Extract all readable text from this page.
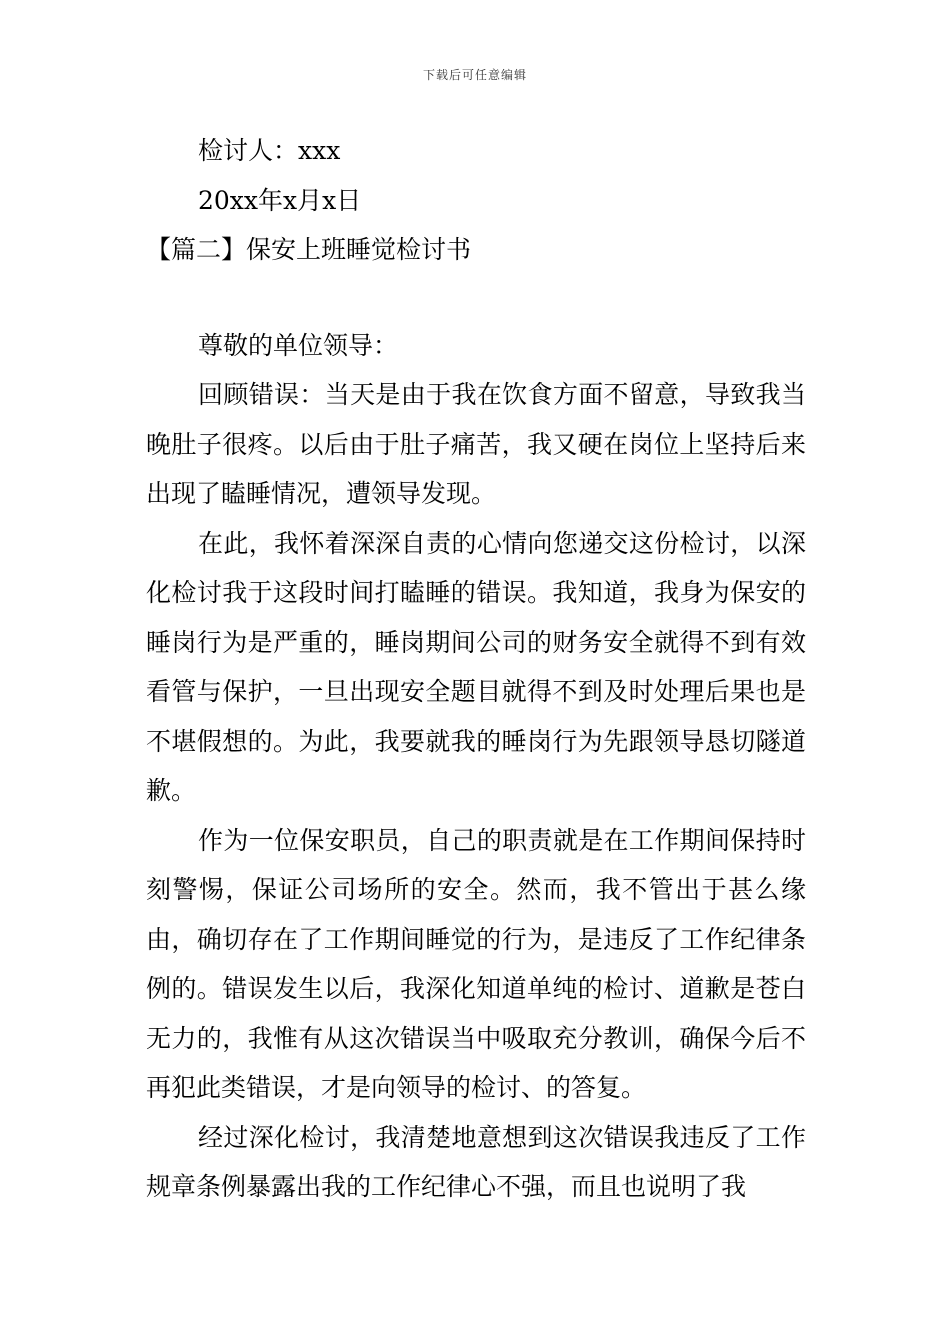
下载后可任意编辑

检讨人：xxx

20xx年x月x日

【篇二】保安上班睡觉检讨书

尊敬的单位领导：

回顾错误：当天是由于我在饮食方面不留意，导致我当晚肚子很疼。以后由于肚子痛苦，我又硬在岗位上坚持后来出现了瞌睡情况，遭领导发现。

在此，我怀着深深自责的心情向您递交这份检讨，以深化检讨我于这段时间打瞌睡的错误。我知道，我身为保安的睡岗行为是严重的，睡岗期间公司的财务安全就得不到有效看管与保护，一旦出现安全题目就得不到及时处理后果也是不堪假想的。为此，我要就我的睡岗行为先跟领导恳切隧道歉。

作为一位保安职员，自己的职责就是在工作期间保持时刻警惕，保证公司场所的安全。然而，我不管出于甚么缘由，确切存在了工作期间睡觉的行为，是违反了工作纪律条例的。错误发生以后，我深化知道单纯的检讨、道歉是苍白无力的，我惟有从这次错误当中吸取充分教训，确保今后不再犯此类错误，才是向领导的检讨、的答复。

经过深化检讨，我清楚地意想到这次错误我违反了工作规章条例暴露出我的工作纪律心不强，而且也说明了我
